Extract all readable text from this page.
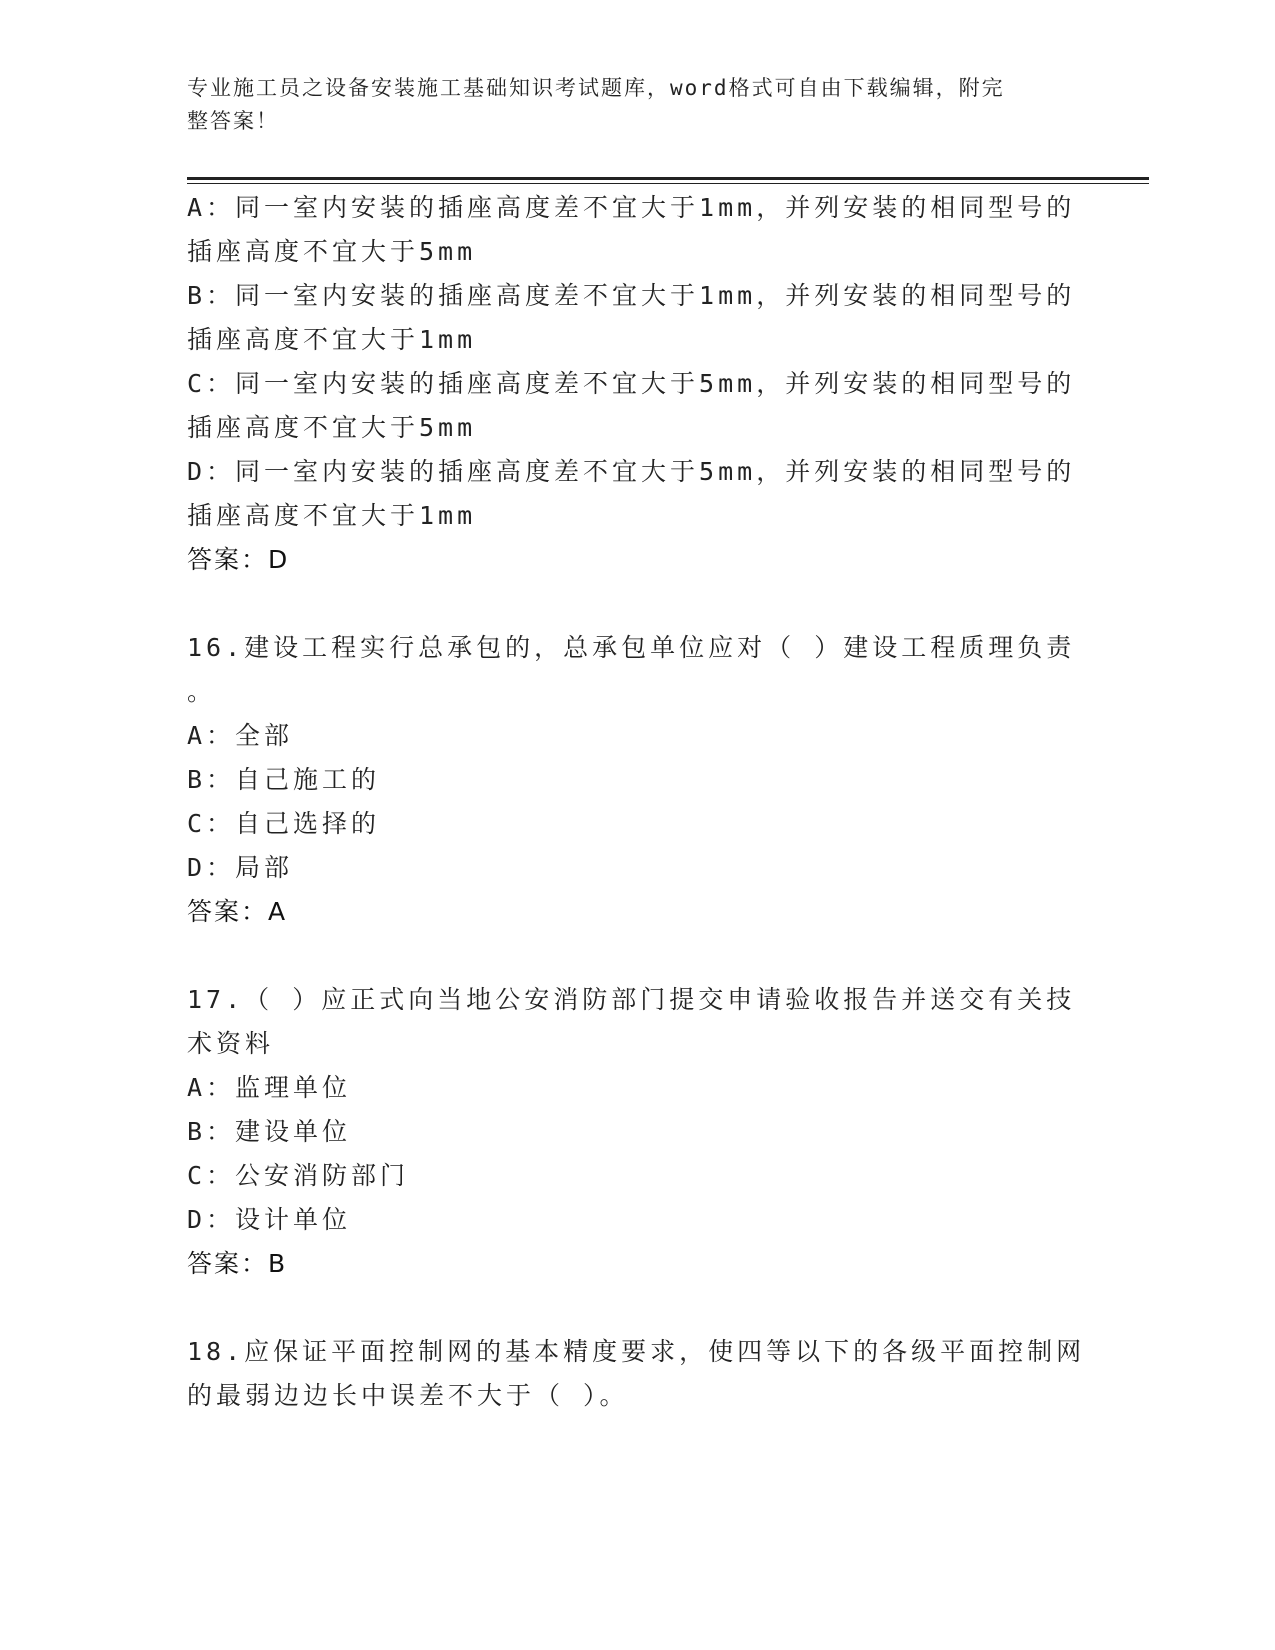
专业施工员之设备安装施工基础知识考试题库，word格式可自由下载编辑，附完
整答案！
A：同一室内安装的插座高度差不宜大于1mm，并列安装的相同型号的
插座高度不宜大于5mm
B：同一室内安装的插座高度差不宜大于1mm，并列安装的相同型号的
插座高度不宜大于1mm
C：同一室内安装的插座高度差不宜大于5mm，并列安装的相同型号的
插座高度不宜大于5mm
D：同一室内安装的插座高度差不宜大于5mm，并列安装的相同型号的
插座高度不宜大于1mm
答案：D
16.建设工程实行总承包的，总承包单位应对（ ）建设工程质理负责
。
A：全部
B：自己施工的
C：自己选择的
D：局部
答案：A
17.（ ）应正式向当地公安消防部门提交申请验收报告并送交有关技
术资料
A：监理单位
B：建设单位
C：公安消防部门
D：设计单位
答案：B
18.应保证平面控制网的基本精度要求，使四等以下的各级平面控制网
的最弱边边长中误差不大于（ ）。
